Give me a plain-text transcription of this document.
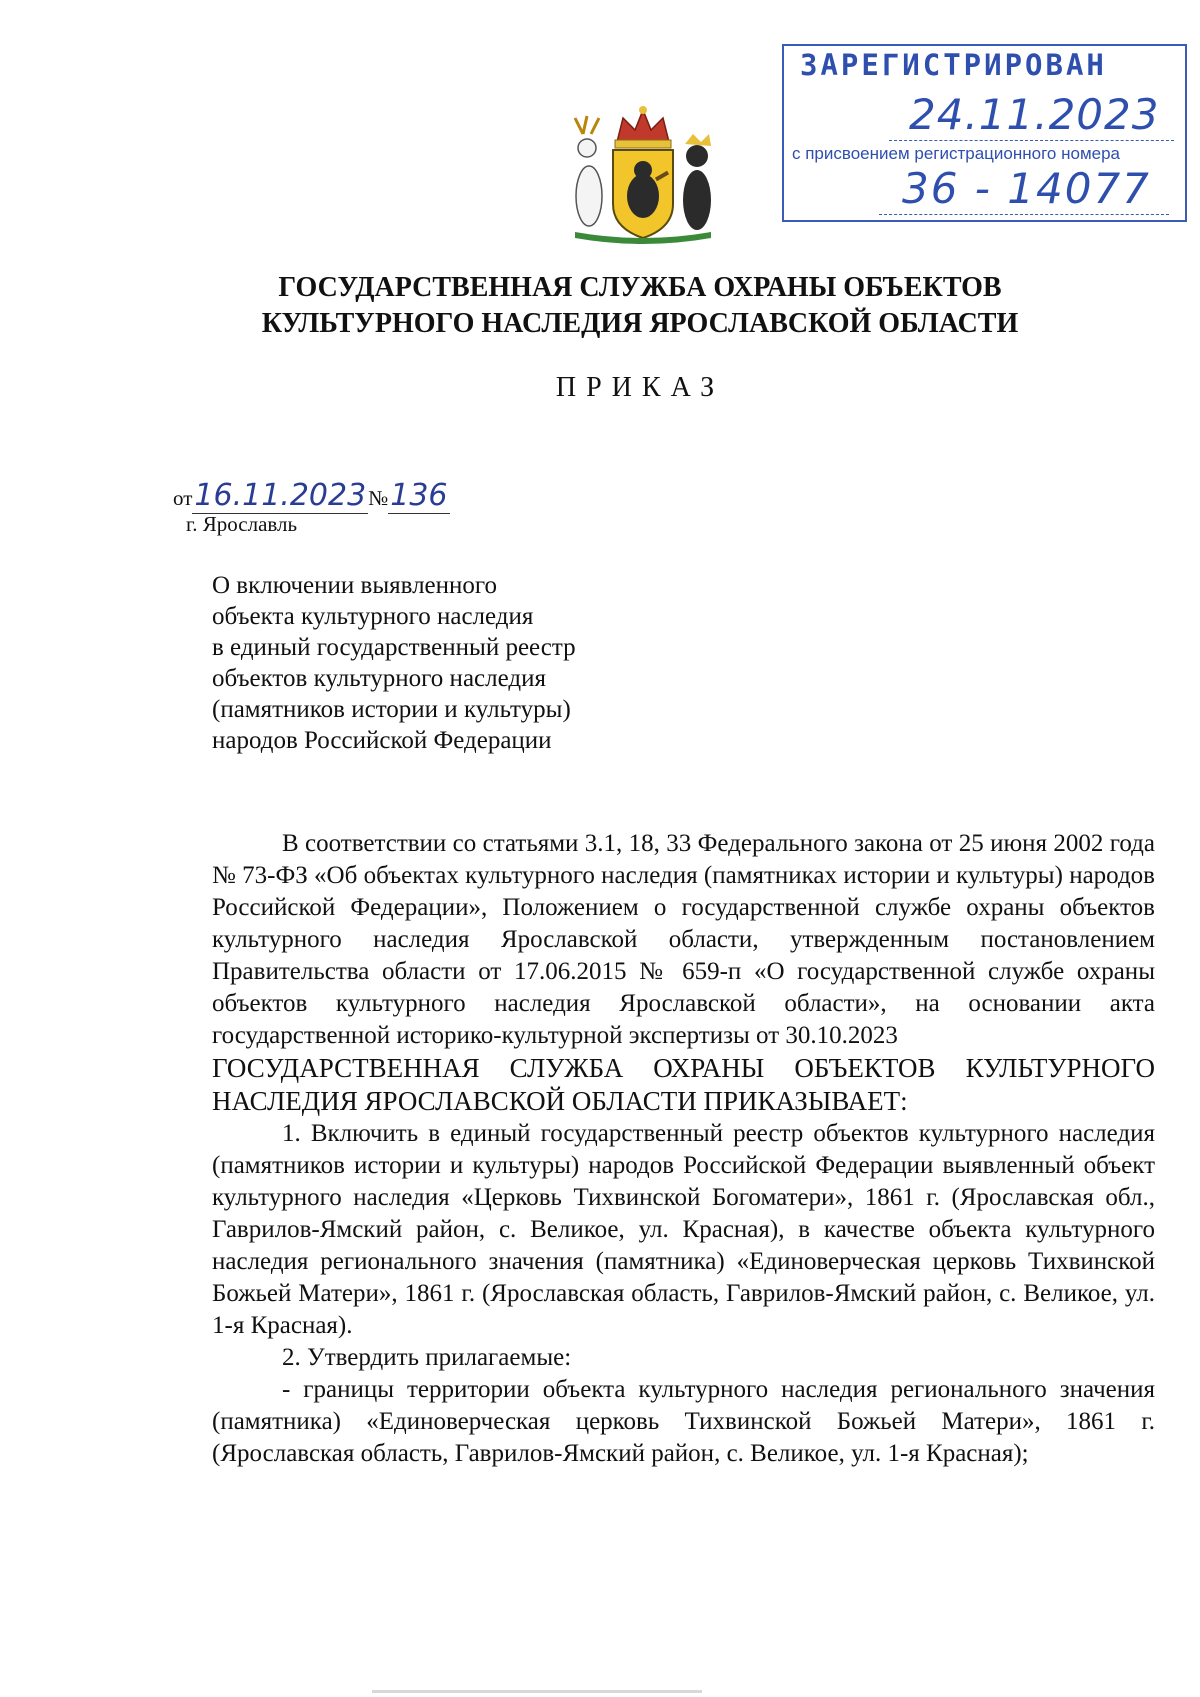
ЗАРЕГИСТРИРОВАН
24.11.2023
с присвоением регистрационного номера
36 - 14077
ГОСУДАРСТВЕННАЯ СЛУЖБА ОХРАНЫ ОБЪЕКТОВ
КУЛЬТУРНОГО НАСЛЕДИЯ ЯРОСЛАВСКОЙ ОБЛАСТИ
ПРИКАЗ
от16.11.2023№136
г. Ярославль
О включении выявленного
объекта культурного наследия
в единый государственный реестр
объектов культурного наследия
(памятников истории и культуры)
народов Российской Федерации

В соответствии со статьями 3.1, 18, 33 Федерального закона от 25 июня 2002 года № 73-ФЗ «Об объектах культурного наследия (памятниках истории и культуры) народов Российской Федерации», Положением о государственной службе охраны объектов культурного наследия Ярославской области, утвержденным постановлением Правительства области от 17.06.2015 № 659-п «О государственной службе охраны объектов культурного наследия Ярославской области», на основании акта государственной историко-культурной экспертизы от 30.10.2023

ГОСУДАРСТВЕННАЯ СЛУЖБА ОХРАНЫ ОБЪЕКТОВ КУЛЬТУРНОГО НАСЛЕДИЯ ЯРОСЛАВСКОЙ ОБЛАСТИ ПРИКАЗЫВАЕТ:

1. Включить в единый государственный реестр объектов культурного наследия (памятников истории и культуры) народов Российской Федерации выявленный объект культурного наследия «Церковь Тихвинской Богоматери», 1861 г. (Ярославская обл., Гаврилов-Ямский район, с. Великое, ул. Красная), в качестве объекта культурного наследия регионального значения (памятника) «Единоверческая церковь Тихвинской Божьей Матери», 1861 г. (Ярославская область, Гаврилов-Ямский район, с. Великое, ул. 1-я Красная).

2. Утвердить прилагаемые:

- границы территории объекта культурного наследия регионального значения (памятника) «Единоверческая церковь Тихвинской Божьей Матери», 1861 г. (Ярославская область, Гаврилов-Ямский район, с. Великое, ул. 1-я Красная);
